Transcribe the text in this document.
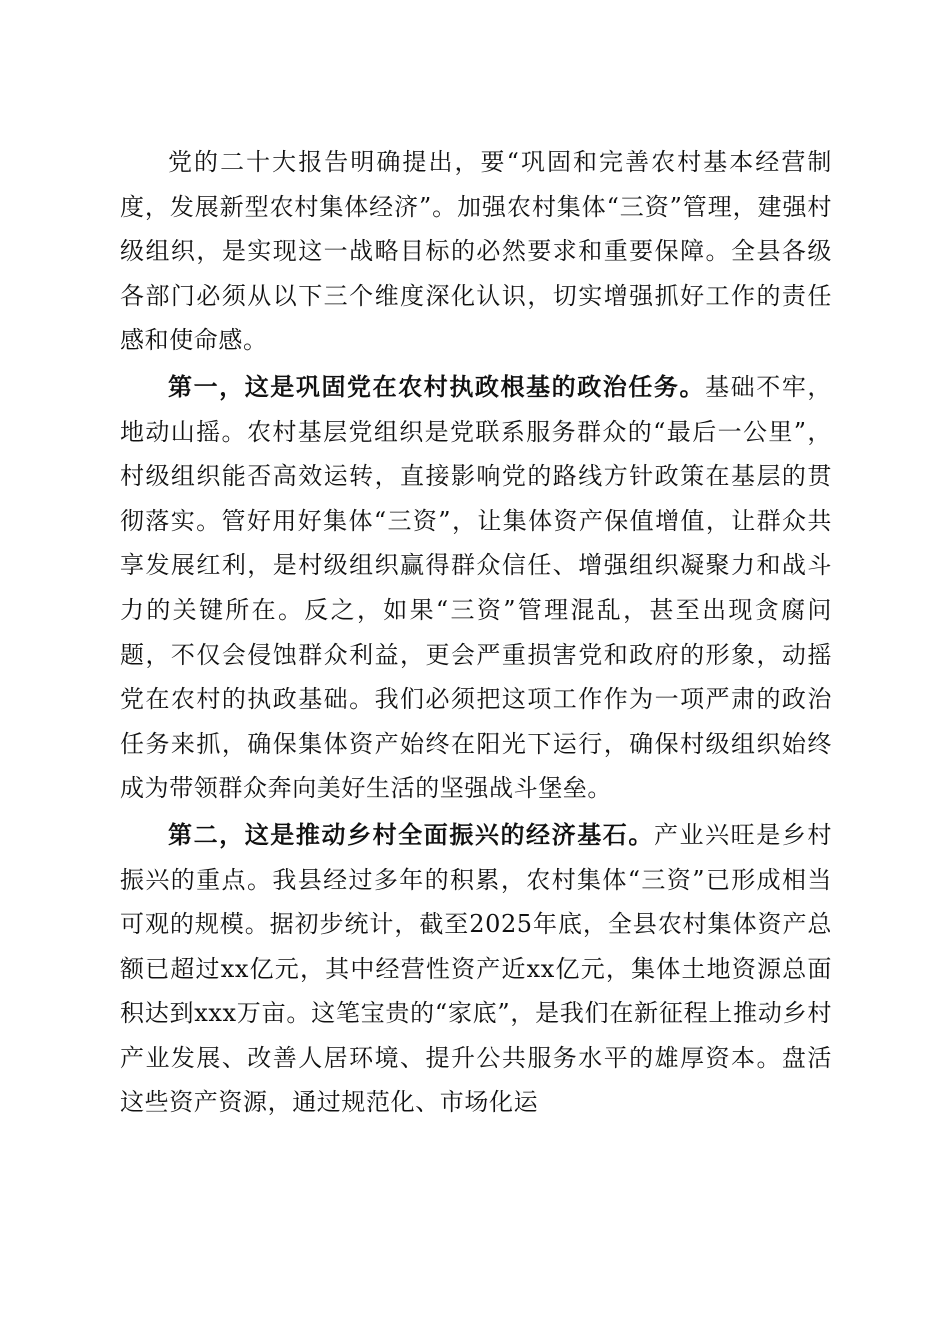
党的二十大报告明确提出，要“巩固和完善农村基本经营制度，发展新型农村集体经济”。加强农村集体“三资”管理，建强村级组织，是实现这一战略目标的必然要求和重要保障。全县各级各部门必须从以下三个维度深化认识，切实增强抓好工作的责任感和使命感。

第一，这是巩固党在农村执政根基的政治任务。基础不牢，地动山摇。农村基层党组织是党联系服务群众的“最后一公里”，村级组织能否高效运转，直接影响党的路线方针政策在基层的贯彻落实。管好用好集体“三资”，让集体资产保值增值，让群众共享发展红利，是村级组织赢得群众信任、增强组织凝聚力和战斗力的关键所在。反之，如果“三资”管理混乱，甚至出现贪腐问题，不仅会侵蚀群众利益，更会严重损害党和政府的形象，动摇党在农村的执政基础。我们必须把这项工作作为一项严肃的政治任务来抓，确保集体资产始终在阳光下运行，确保村级组织始终成为带领群众奔向美好生活的坚强战斗堡垒。

第二，这是推动乡村全面振兴的经济基石。产业兴旺是乡村振兴的重点。我县经过多年的积累，农村集体“三资”已形成相当可观的规模。据初步统计，截至2025年底，全县农村集体资产总额已超过xx亿元，其中经营性资产近xx亿元，集体土地资源总面积达到xxx万亩。这笔宝贵的“家底”，是我们在新征程上推动乡村产业发展、改善人居环境、提升公共服务水平的雄厚资本。盘活这些资产资源，通过规范化、市场化运
